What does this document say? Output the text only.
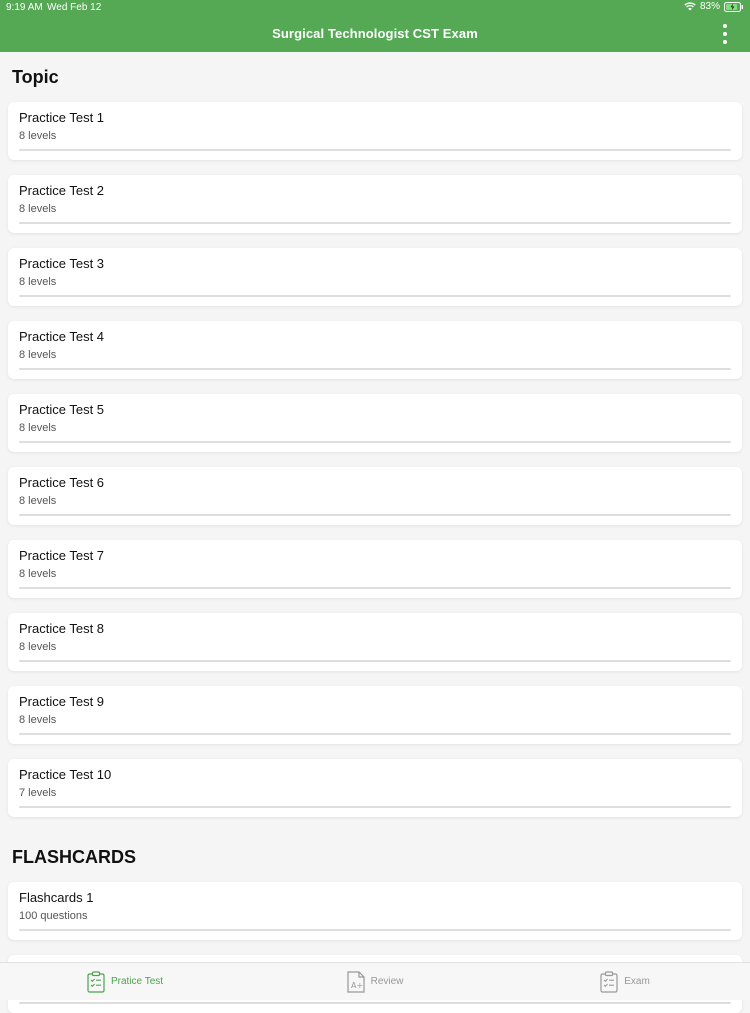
9:19 AM Wed Feb 12	83%
Surgical Technologist CST Exam
Topic
Practice Test 1
8 levels
Practice Test 2
8 levels
Practice Test 3
8 levels
Practice Test 4
8 levels
Practice Test 5
8 levels
Practice Test 6
8 levels
Practice Test 7
8 levels
Practice Test 8
8 levels
Practice Test 9
8 levels
Practice Test 10
7 levels
FLASHCARDS
Flashcards 1
100 questions
Pratice Test	A+ Review	Exam
